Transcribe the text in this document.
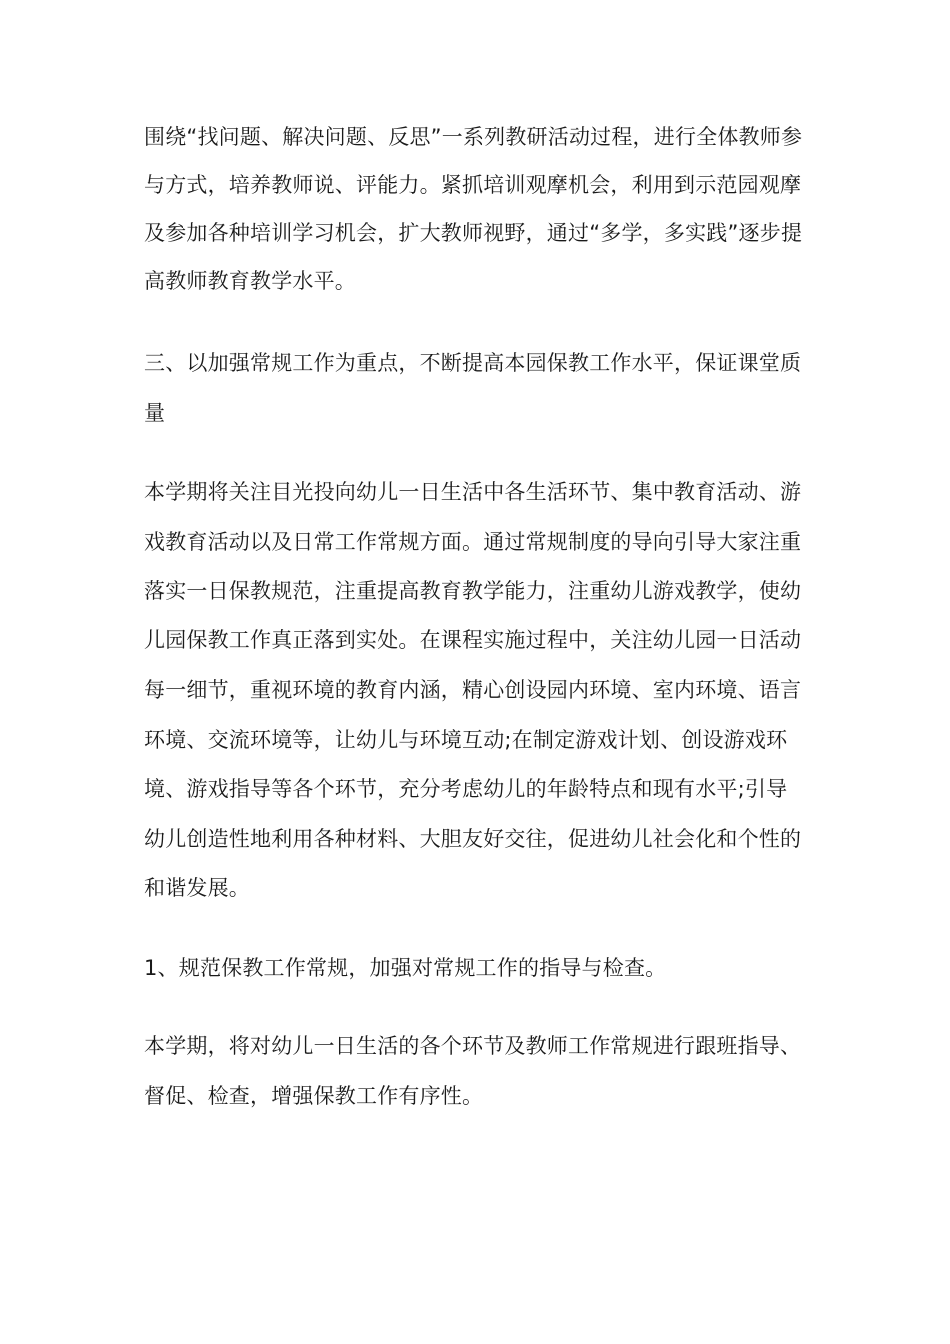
围绕“找问题、解决问题、反思”一系列教研活动过程，进行全体教师参
与方式，培养教师说、评能力。紧抓培训观摩机会，利用到示范园观摩
及参加各种培训学习机会，扩大教师视野，通过“多学，多实践”逐步提
高教师教育教学水平。
三、以加强常规工作为重点，不断提高本园保教工作水平，保证课堂质
量
本学期将关注目光投向幼儿一日生活中各生活环节、集中教育活动、游
戏教育活动以及日常工作常规方面。通过常规制度的导向引导大家注重
落实一日保教规范，注重提高教育教学能力，注重幼儿游戏教学，使幼
儿园保教工作真正落到实处。在课程实施过程中，关注幼儿园一日活动
每一细节，重视环境的教育内涵，精心创设园内环境、室内环境、语言
环境、交流环境等，让幼儿与环境互动;在制定游戏计划、创设游戏环
境、游戏指导等各个环节，充分考虑幼儿的年龄特点和现有水平;引导
幼儿创造性地利用各种材料、大胆友好交往，促进幼儿社会化和个性的
和谐发展。
1、规范保教工作常规，加强对常规工作的指导与检查。
本学期，将对幼儿一日生活的各个环节及教师工作常规进行跟班指导、
督促、检查，增强保教工作有序性。
